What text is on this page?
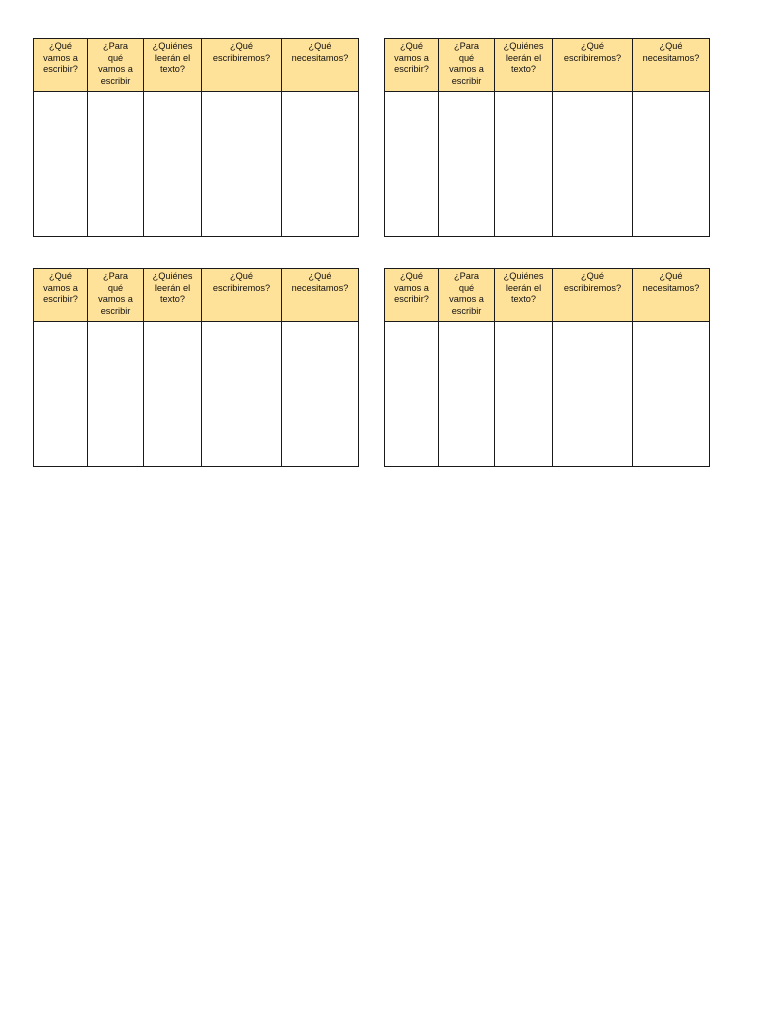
¿Qué
vamos a
escribir?	¿Para
qué
vamos a
escribir	¿Quiénes
leerán el
texto?	¿Qué
escribiremos?	¿Qué
necesitamos?

¿Qué
vamos a
escribir?	¿Para
qué
vamos a
escribir	¿Quiénes
leerán el
texto?	¿Qué
escribiremos?	¿Qué
necesitamos?

¿Qué
vamos a
escribir?	¿Para
qué
vamos a
escribir	¿Quiénes
leerán el
texto?	¿Qué
escribiremos?	¿Qué
necesitamos?

¿Qué
vamos a
escribir?	¿Para
qué
vamos a
escribir	¿Quiénes
leerán el
texto?	¿Qué
escribiremos?	¿Qué
necesitamos?
